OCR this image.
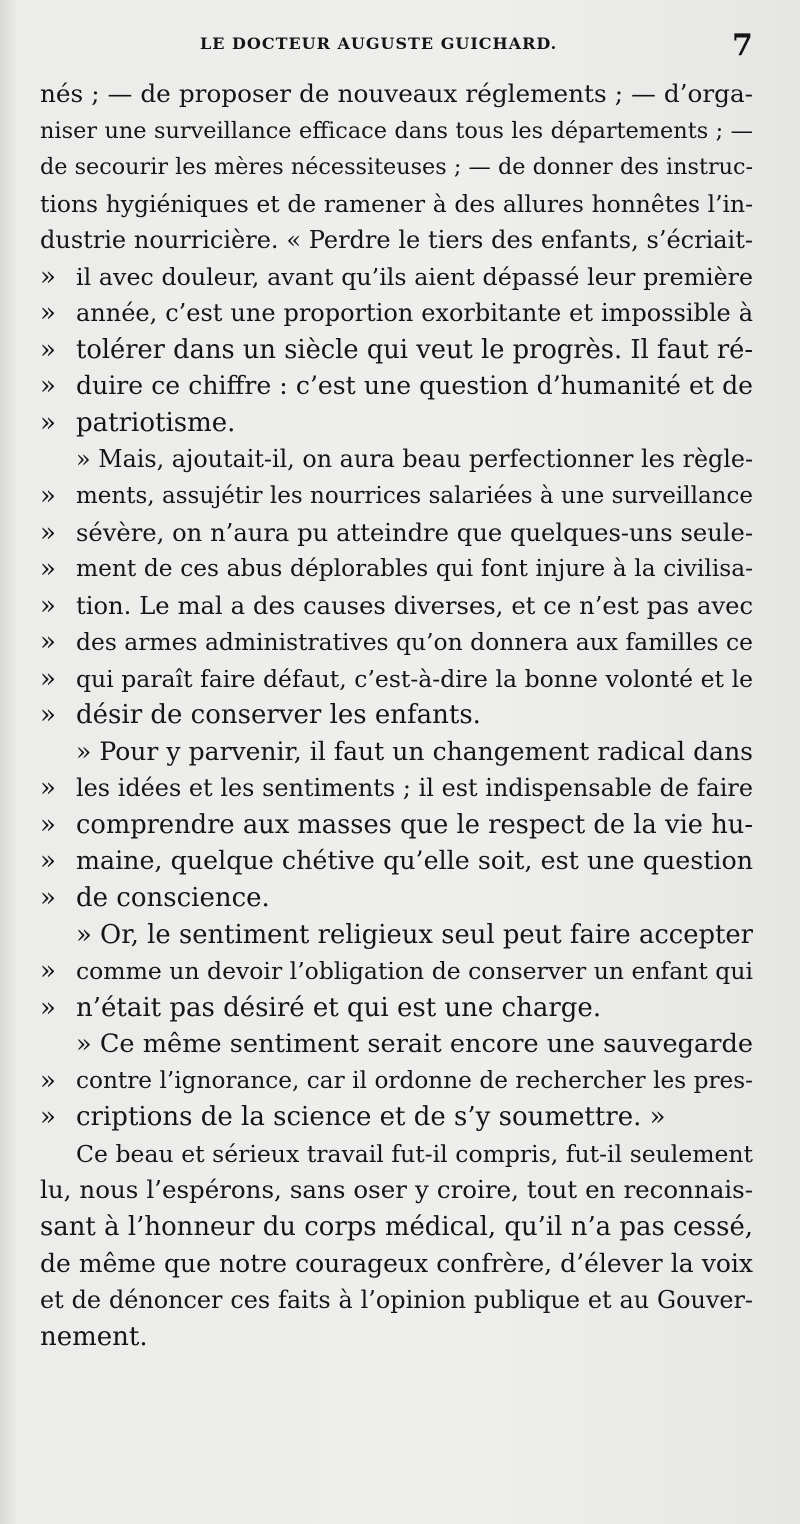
LE DOCTEUR AUGUSTE GUICHARD.	7
nés ; — de proposer de nouveaux réglements ; — d’orga-
niser une surveillance efficace dans tous les départements ; —
de secourir les mères nécessiteuses ; — de donner des instruc-
tions hygiéniques et de ramener à des allures honnêtes l’in-
dustrie nourricière. « Perdre le tiers des enfants, s’écriait-
» il avec douleur, avant qu’ils aient dépassé leur première
» année, c’est une proportion exorbitante et impossible à
» tolérer dans un siècle qui veut le progrès. Il faut ré-
» duire ce chiffre : c’est une question d’humanité et de
» patriotisme.
» Mais, ajoutait-il, on aura beau perfectionner les règle-
» ments, assujétir les nourrices salariées à une surveillance
» sévère, on n’aura pu atteindre que quelques-uns seule-
» ment de ces abus déplorables qui font injure à la civilisa-
» tion. Le mal a des causes diverses, et ce n’est pas avec
» des armes administratives qu’on donnera aux familles ce
» qui paraît faire défaut, c’est-à-dire la bonne volonté et le
» désir de conserver les enfants.
» Pour y parvenir, il faut un changement radical dans
» les idées et les sentiments ; il est indispensable de faire
» comprendre aux masses que le respect de la vie hu-
» maine, quelque chétive qu’elle soit, est une question
» de conscience.
» Or, le sentiment religieux seul peut faire accepter
» comme un devoir l’obligation de conserver un enfant qui
» n’était pas désiré et qui est une charge.
» Ce même sentiment serait encore une sauvegarde
» contre l’ignorance, car il ordonne de rechercher les pres-
» criptions de la science et de s’y soumettre. »
Ce beau et sérieux travail fut-il compris, fut-il seulement
lu, nous l’espérons, sans oser y croire, tout en reconnais-
sant à l’honneur du corps médical, qu’il n’a pas cessé,
de même que notre courageux confrère, d’élever la voix
et de dénoncer ces faits à l’opinion publique et au Gouver-
nement.
